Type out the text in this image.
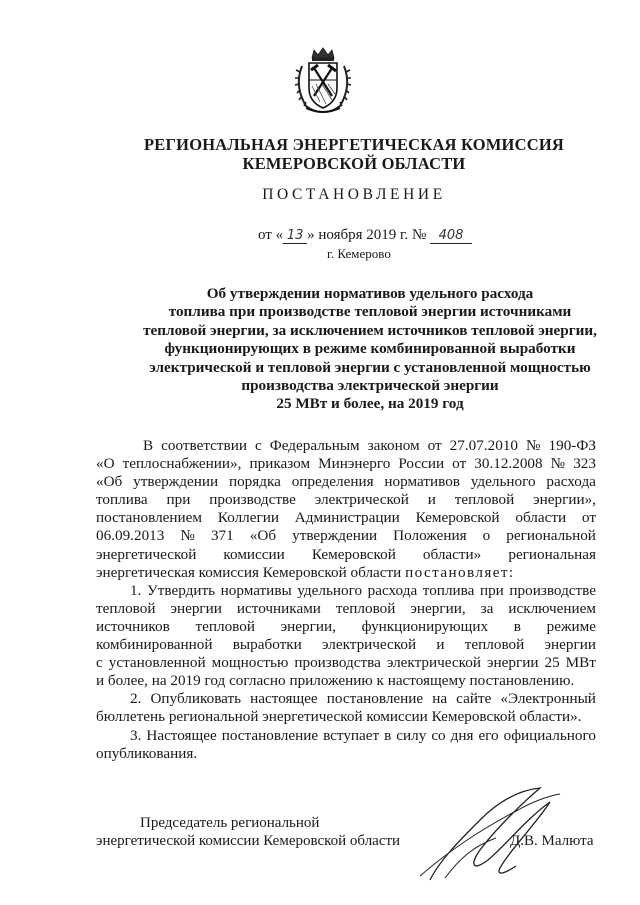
РЕГИОНАЛЬНАЯ ЭНЕРГЕТИЧЕСКАЯ КОМИССИЯ
КЕМЕРОВСКОЙ ОБЛАСТИ
ПОСТАНОВЛЕНИЕ
от « 13 » ноября 2019 г. № 408
г. Кемерово
Об утверждении нормативов удельного расхода
топлива при производстве тепловой энергии источниками
тепловой энергии, за исключением источников тепловой энергии,
функционирующих в режиме комбинированной выработки
электрической и тепловой энергии с установленной мощностью
производства электрической энергии
25 МВт и более, на 2019 год
В соответствии с Федеральным законом от 27.07.2010 № 190-ФЗ
«О теплоснабжении», приказом Минэнерго России от 30.12.2008 № 323
«Об утверждении порядка определения нормативов удельного расхода
топлива при производстве электрической и тепловой энергии»,
постановлением Коллегии Администрации Кемеровской области от
06.09.2013 № 371 «Об утверждении Положения о региональной
энергетической комиссии Кемеровской области» региональная
энергетическая комиссия Кемеровской области постановляет :
1. Утвердить нормативы удельного расхода топлива при производстве
тепловой энергии источниками тепловой энергии, за исключением
источников тепловой энергии, функционирующих в режиме
комбинированной выработки электрической и тепловой энергии
с установленной мощностью производства электрической энергии 25 МВт
и более, на 2019 год согласно приложению к настоящему постановлению.
2. Опубликовать настоящее постановление на сайте «Электронный
бюллетень региональной энергетической комиссии Кемеровской области».
3. Настоящее постановление вступает в силу со дня его официального
опубликования.
Председатель региональной
энергетической комиссии Кемеровской области	Д.В. Малюта
